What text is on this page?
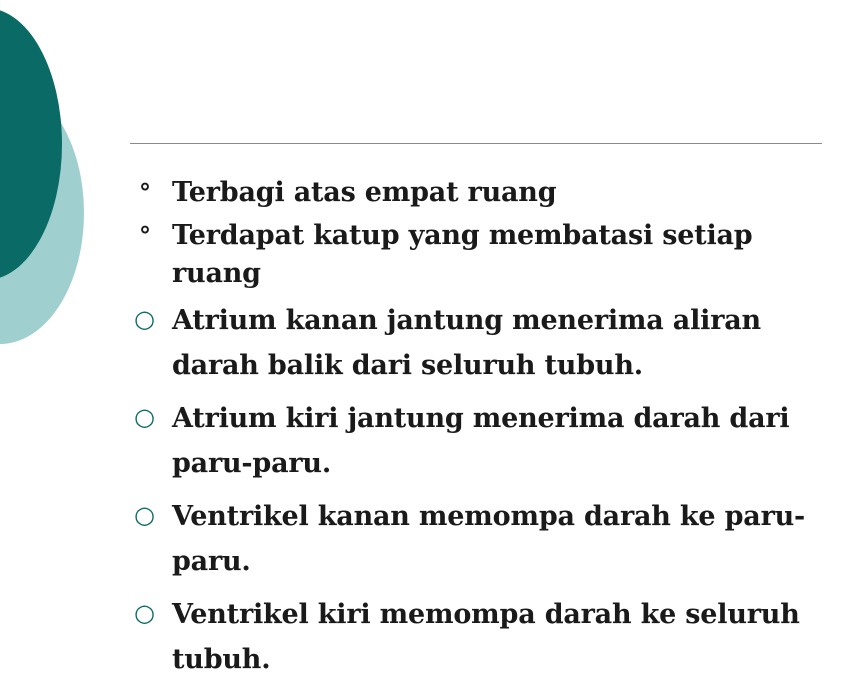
° Terbagi atas empat ruang
° Terdapat katup yang membatasi setiap ruang
○ Atrium kanan jantung menerima aliran darah balik dari seluruh tubuh.
○ Atrium kiri jantung menerima darah dari paru-paru.
○ Ventrikel kanan memompa darah ke paru-paru.
○ Ventrikel kiri memompa darah ke seluruh tubuh.
